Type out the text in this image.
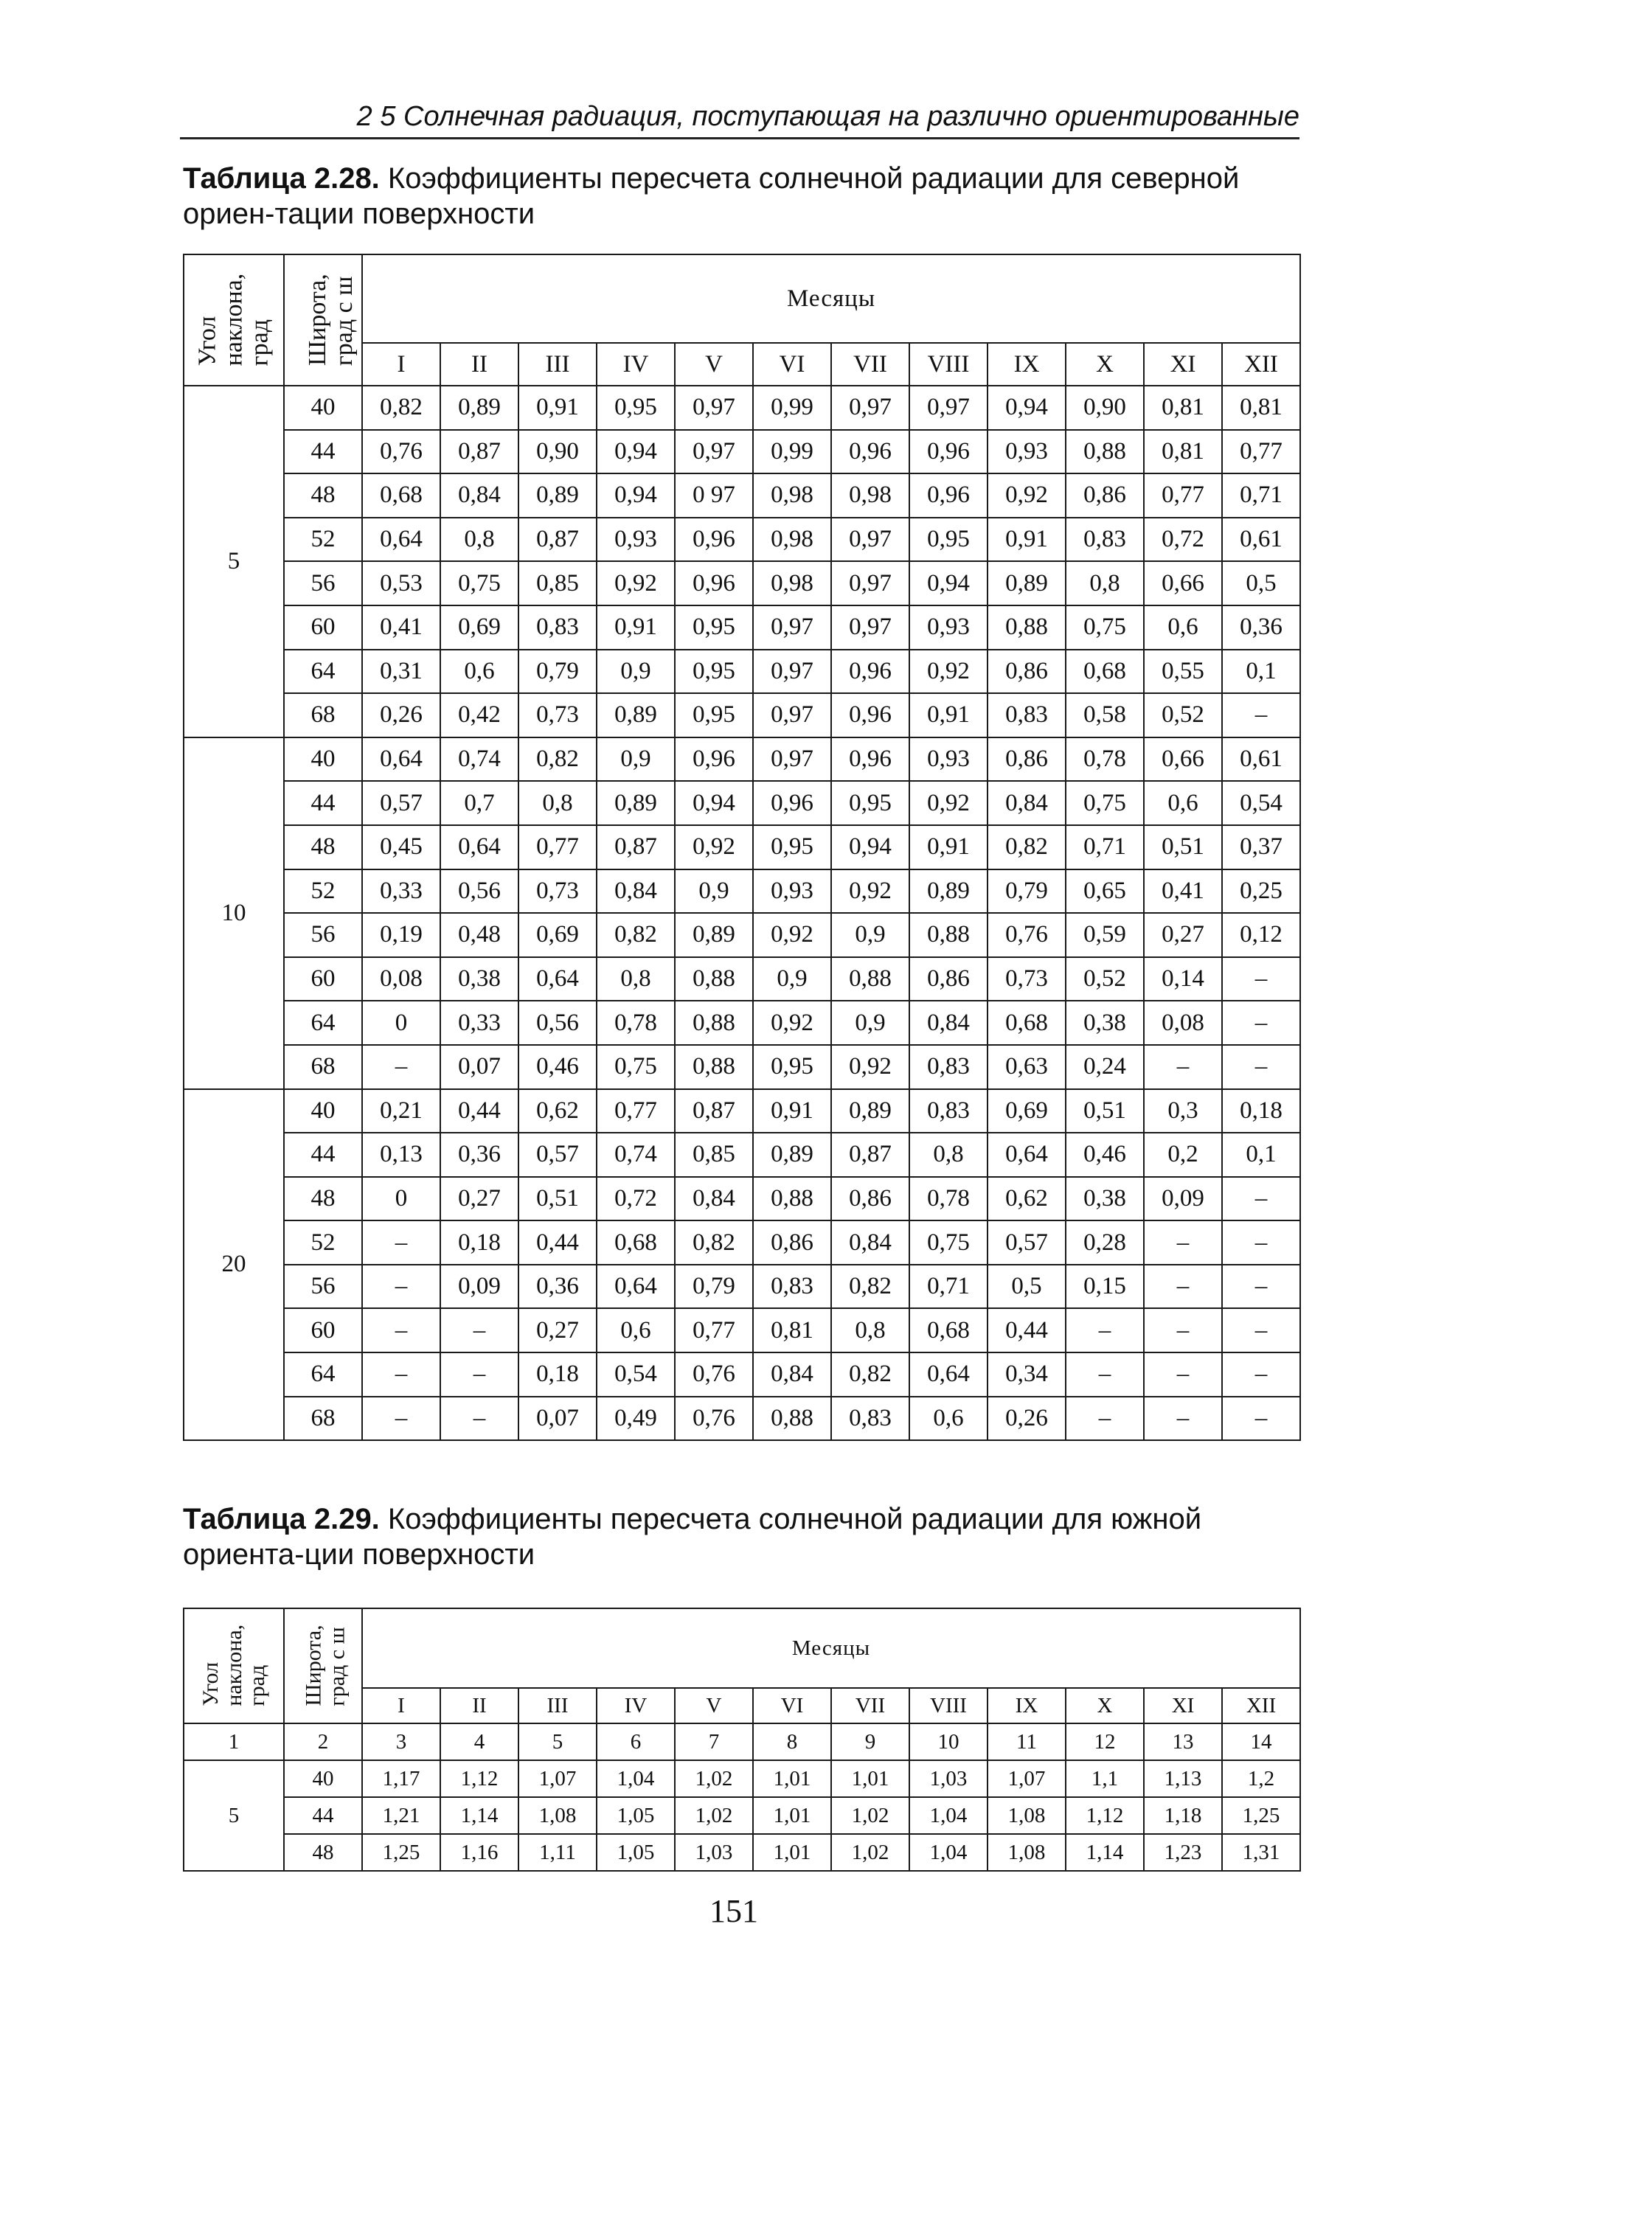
2 5 Солнечная радиация, поступающая на различно ориентированные
Таблица 2.28. Коэффициенты пересчета солнечной радиации для северной ориен-тации поверхности
Угол
наклона,
град	Широта,
град с ш	Месяцы											
		I	II	III	IV	V	VI	VII	VIII	IX	X	XI	XII
5	40	0,82	0,89	0,91	0,95	0,97	0,99	0,97	0,97	0,94	0,90	0,81	0,81
	44	0,76	0,87	0,90	0,94	0,97	0,99	0,96	0,96	0,93	0,88	0,81	0,77
	48	0,68	0,84	0,89	0,94	0 97	0,98	0,98	0,96	0,92	0,86	0,77	0,71
	52	0,64	0,8	0,87	0,93	0,96	0,98	0,97	0,95	0,91	0,83	0,72	0,61
	56	0,53	0,75	0,85	0,92	0,96	0,98	0,97	0,94	0,89	0,8	0,66	0,5
	60	0,41	0,69	0,83	0,91	0,95	0,97	0,97	0,93	0,88	0,75	0,6	0,36
	64	0,31	0,6	0,79	0,9	0,95	0,97	0,96	0,92	0,86	0,68	0,55	0,1
	68	0,26	0,42	0,73	0,89	0,95	0,97	0,96	0,91	0,83	0,58	0,52	–
10	40	0,64	0,74	0,82	0,9	0,96	0,97	0,96	0,93	0,86	0,78	0,66	0,61
	44	0,57	0,7	0,8	0,89	0,94	0,96	0,95	0,92	0,84	0,75	0,6	0,54
	48	0,45	0,64	0,77	0,87	0,92	0,95	0,94	0,91	0,82	0,71	0,51	0,37
	52	0,33	0,56	0,73	0,84	0,9	0,93	0,92	0,89	0,79	0,65	0,41	0,25
	56	0,19	0,48	0,69	0,82	0,89	0,92	0,9	0,88	0,76	0,59	0,27	0,12
	60	0,08	0,38	0,64	0,8	0,88	0,9	0,88	0,86	0,73	0,52	0,14	–
	64	0	0,33	0,56	0,78	0,88	0,92	0,9	0,84	0,68	0,38	0,08	–
	68	–	0,07	0,46	0,75	0,88	0,95	0,92	0,83	0,63	0,24	–	–
20	40	0,21	0,44	0,62	0,77	0,87	0,91	0,89	0,83	0,69	0,51	0,3	0,18
	44	0,13	0,36	0,57	0,74	0,85	0,89	0,87	0,8	0,64	0,46	0,2	0,1
	48	0	0,27	0,51	0,72	0,84	0,88	0,86	0,78	0,62	0,38	0,09	–
	52	–	0,18	0,44	0,68	0,82	0,86	0,84	0,75	0,57	0,28	–	–
	56	–	0,09	0,36	0,64	0,79	0,83	0,82	0,71	0,5	0,15	–	–
	60	–	–	0,27	0,6	0,77	0,81	0,8	0,68	0,44	–	–	–
	64	–	–	0,18	0,54	0,76	0,84	0,82	0,64	0,34	–	–	–
	68	–	–	0,07	0,49	0,76	0,88	0,83	0,6	0,26	–	–	–
Таблица 2.29. Коэффициенты пересчета солнечной радиации для южной ориента-ции поверхности
Угол
наклона,
град	Широта,
град с ш	Месяцы											
		I	II	III	IV	V	VI	VII	VIII	IX	X	XI	XII
1	2	3	4	5	6	7	8	9	10	11	12	13	14
5	40	1,17	1,12	1,07	1,04	1,02	1,01	1,01	1,03	1,07	1,1	1,13	1,2
	44	1,21	1,14	1,08	1,05	1,02	1,01	1,02	1,04	1,08	1,12	1,18	1,25
	48	1,25	1,16	1,11	1,05	1,03	1,01	1,02	1,04	1,08	1,14	1,23	1,31
151
